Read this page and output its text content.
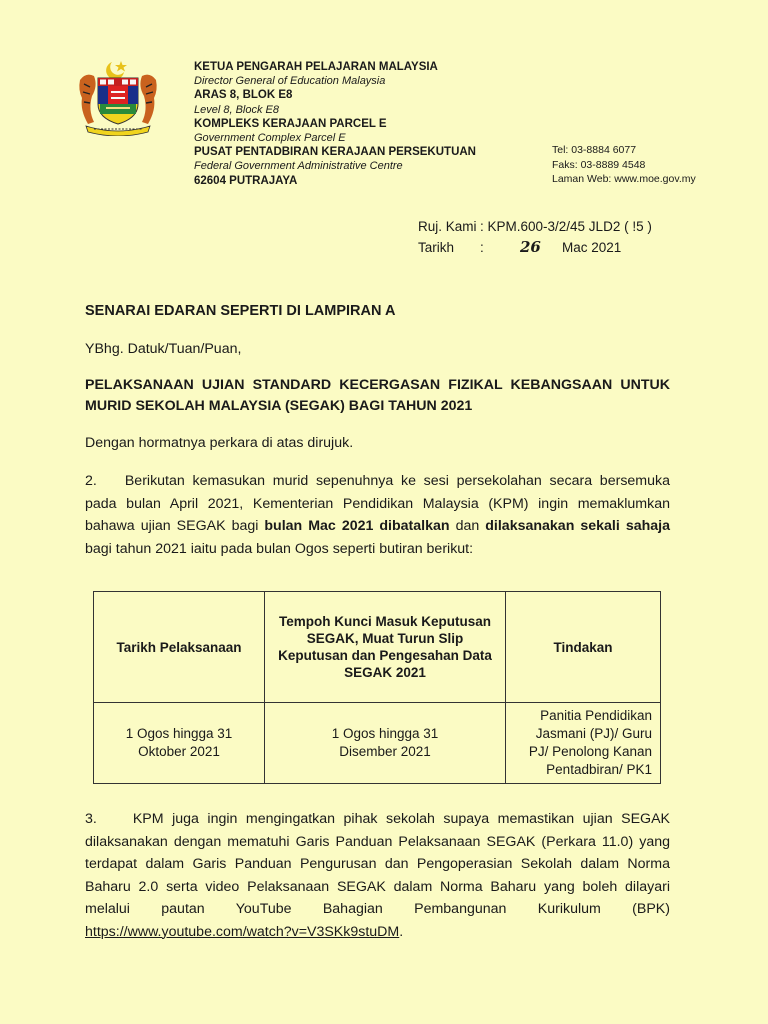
KETUA PENGARAH PELAJARAN MALAYSIA
Director General of Education Malaysia
ARAS 8, BLOK E8
Level 8, Block E8
KOMPLEKS KERAJAAN PARCEL E
Government Complex Parcel E
PUSAT PENTADBIRAN KERAJAAN PERSEKUTUAN
Federal Government Administrative Centre
62604 PUTRAJAYA
Tel: 03-8884 6077
Faks: 03-8889 4548
Laman Web: www.moe.gov.my
Ruj. Kami : KPM.600-3/2/45 JLD2 ( !5 )
Tarikh	:	26	Mac 2021
SENARAI EDARAN SEPERTI DI LAMPIRAN A
YBhg. Datuk/Tuan/Puan,
PELAKSANAAN UJIAN STANDARD KECERGASAN FIZIKAL KEBANGSAAN UNTUK MURID SEKOLAH MALAYSIA (SEGAK) BAGI TAHUN 2021
Dengan hormatnya perkara di atas dirujuk.
2. Berikutan kemasukan murid sepenuhnya ke sesi persekolahan secara bersemuka pada bulan April 2021, Kementerian Pendidikan Malaysia (KPM) ingin memaklumkan bahawa ujian SEGAK bagi bulan Mac 2021 dibatalkan dan dilaksanakan sekali sahaja bagi tahun 2021 iaitu pada bulan Ogos seperti butiran berikut:
Tarikh Pelaksanaan	Tempoh Kunci Masuk Keputusan SEGAK, Muat Turun Slip Keputusan dan Pengesahan Data SEGAK 2021	Tindakan
1 Ogos hingga 31 Oktober 2021	1 Ogos hingga 31 Disember 2021	Panitia Pendidikan Jasmani (PJ)/ Guru PJ/ Penolong Kanan Pentadbiran/ PK1
3.	KPM juga ingin mengingatkan pihak sekolah supaya memastikan ujian SEGAK dilaksanakan dengan mematuhi Garis Panduan Pelaksanaan SEGAK (Perkara 11.0) yang terdapat dalam Garis Panduan Pengurusan dan Pengoperasian Sekolah dalam Norma Baharu 2.0 serta video Pelaksanaan SEGAK dalam Norma Baharu yang boleh dilayari melalui pautan YouTube Bahagian Pembangunan Kurikulum (BPK) https://www.youtube.com/watch?v=V3SKk9stuDM.
